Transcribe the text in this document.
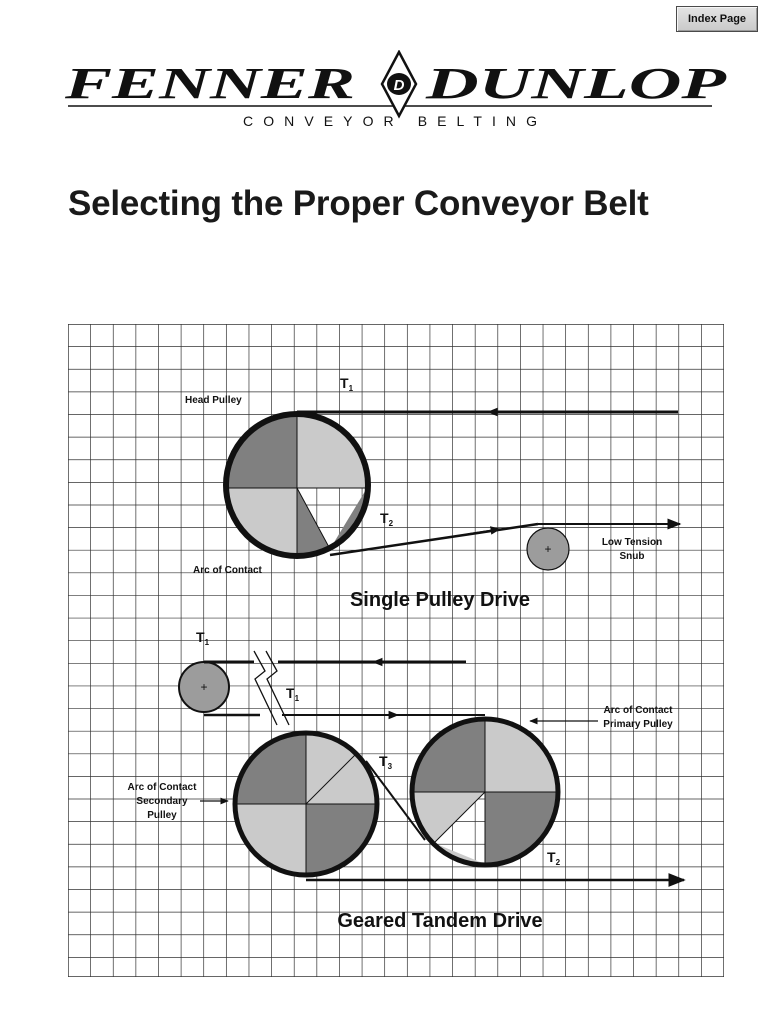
Index Page
FENNER	D DUNLOP
CONVEYOR BELTING
Selecting the Proper Conveyor Belt
+
$T_1$
$T_2$
Head Pulley
Arc of Contact
Low Tension
Snub
Single Pulley Drive
+
$T_1$
$T_1$
$T_3$
$T_2$
Arc of Contact
Primary Pulley
Arc of Contact
Secondary
Pulley
Geared Tandem Drive
